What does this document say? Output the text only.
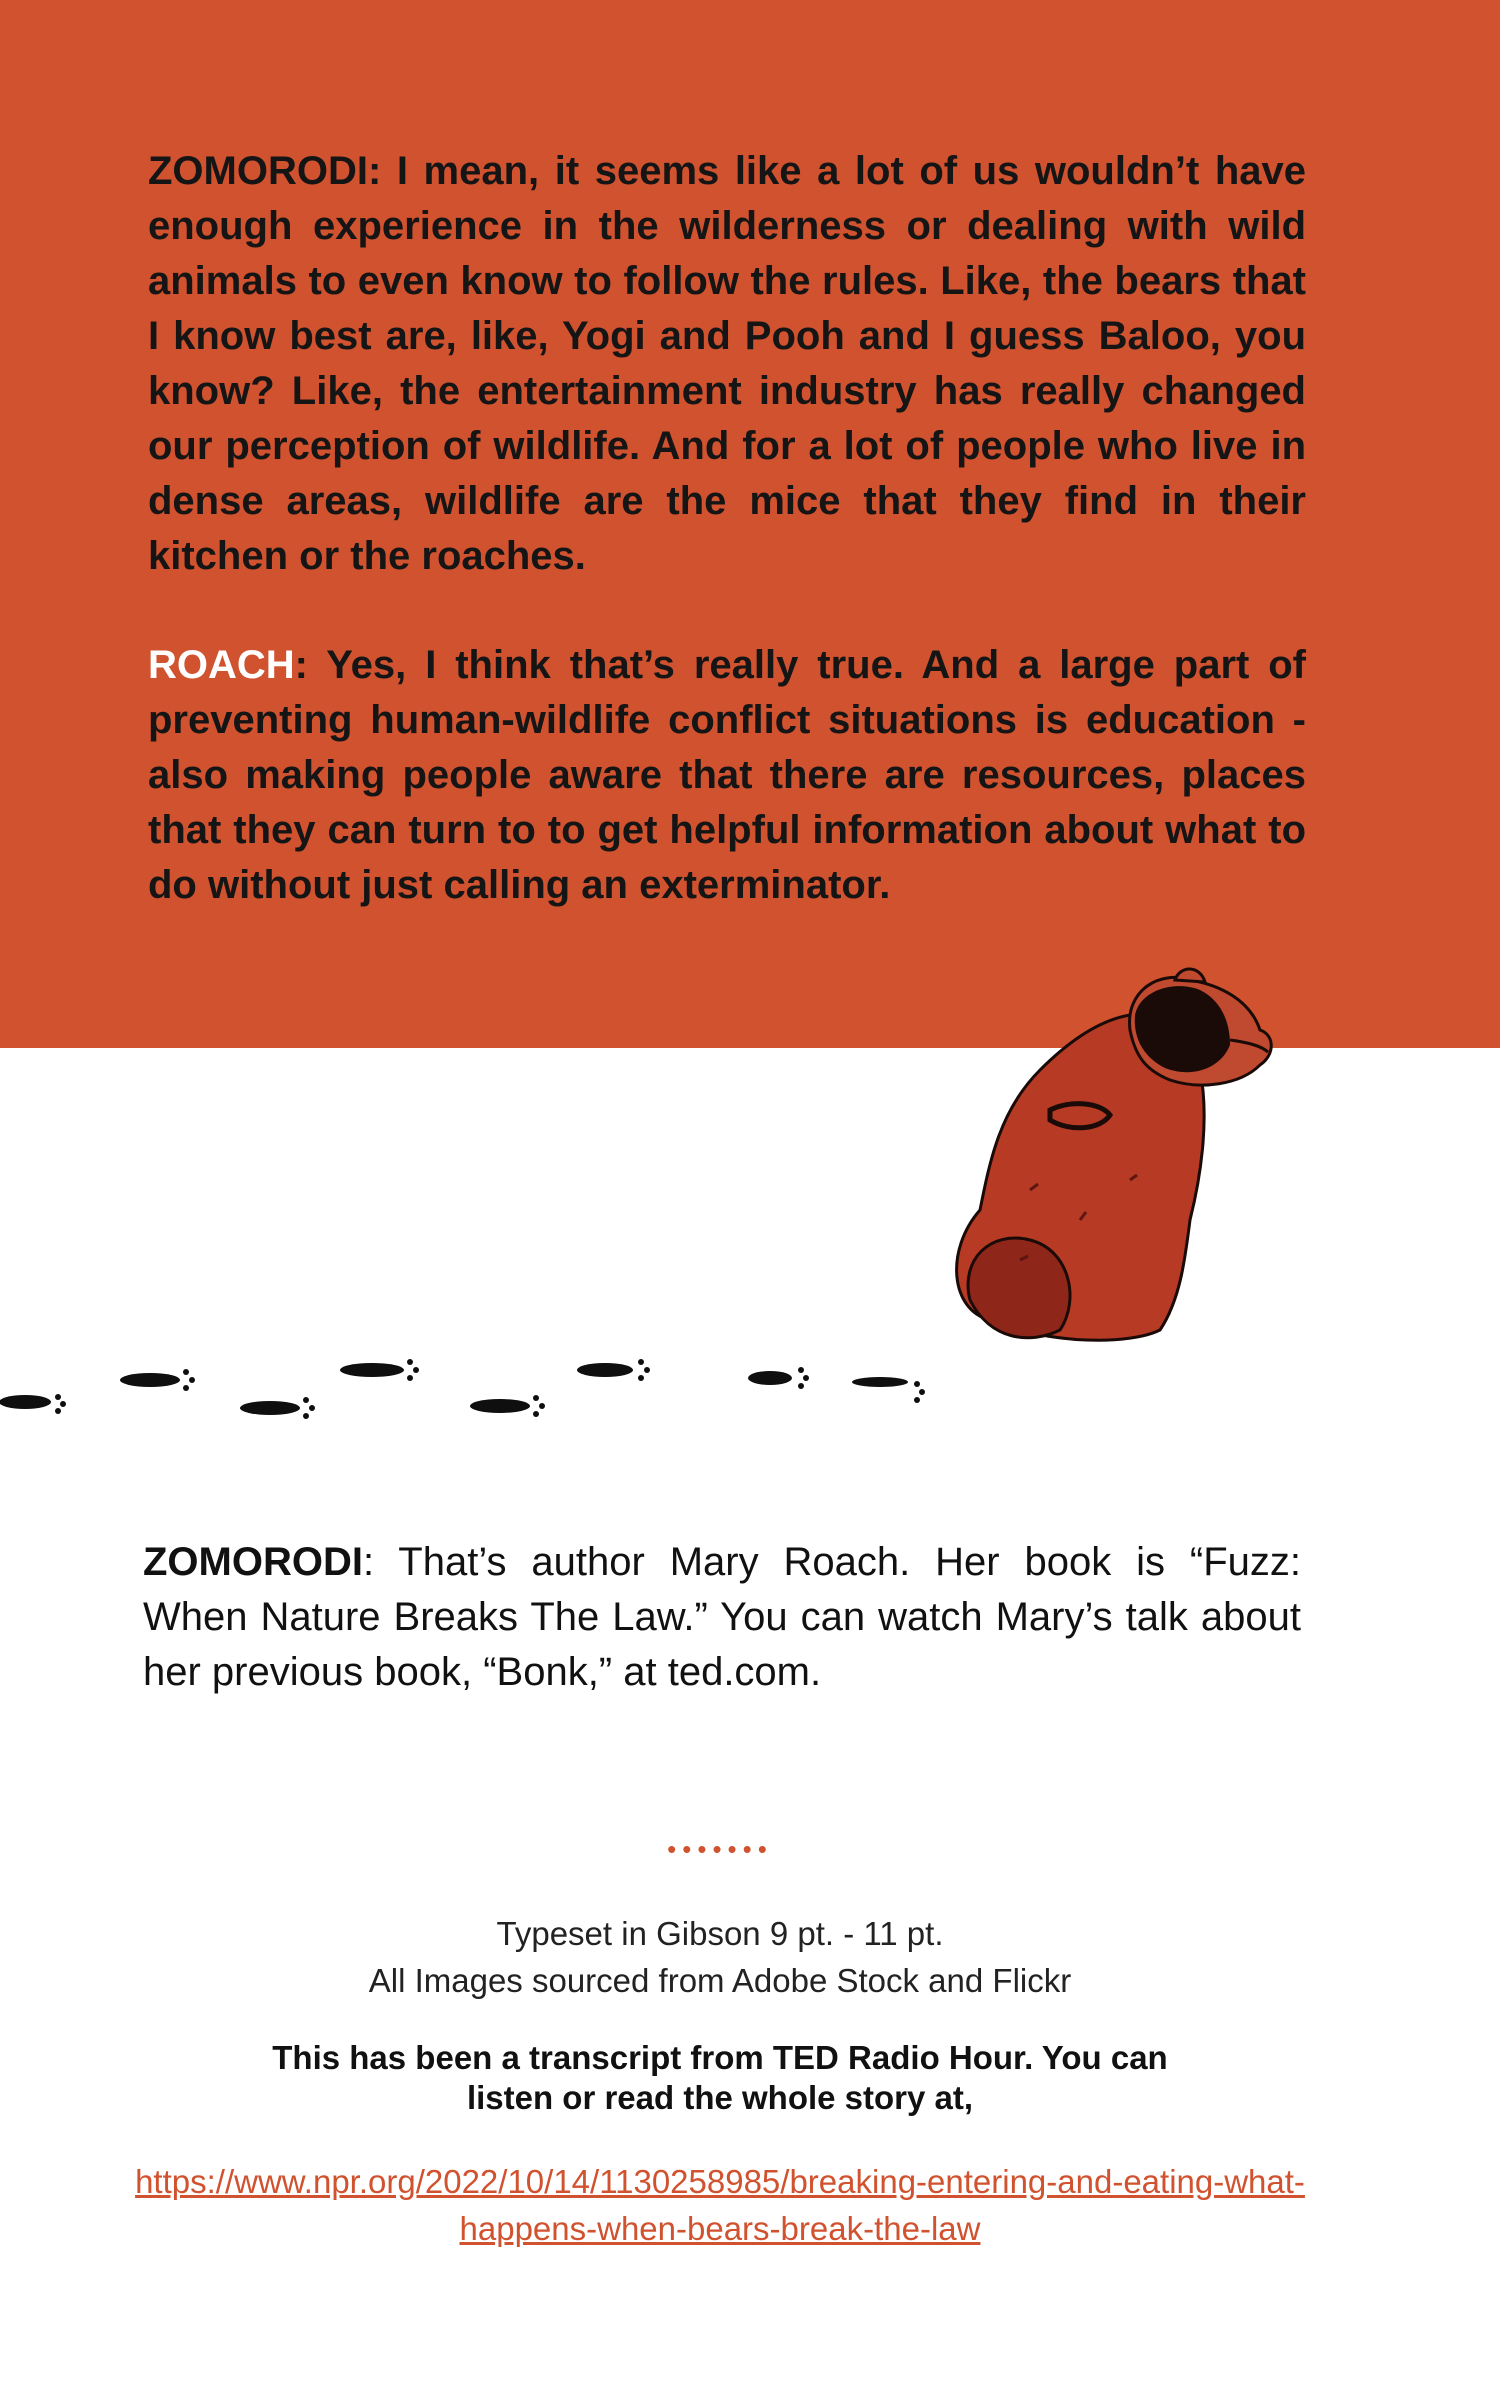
ZOMORODI: I mean, it seems like a lot of us wouldn’t have enough experience in the wilderness or dealing with wild animals to even know to follow the rules. Like, the bears that I know best are, like, Yogi and Pooh and I guess Baloo, you know? Like, the entertainment industry has really changed our perception of wildlife. And for a lot of people who live in dense areas, wildlife are the mice that they find in their kitchen or the roaches.

ROACH: Yes, I think that’s really true. And a large part of preventing human-wildlife conflict situations is education - also making people aware that there are resources, places that they can turn to to get helpful information about what to do without just calling an exterminator.

ZOMORODI: That’s author Mary Roach. Her book is “Fuzz: When Nature Breaks The Law.” You can watch Mary’s talk about her previous book, “Bonk,” at ted.com.

•••••••
Typeset in Gibson 9 pt. - 11 pt.
All Images sourced from Adobe Stock and Flickr
This has been a transcript from TED Radio Hour. You can listen or read the whole story at,
https://www.npr.org/2022/10/14/1130258985/breaking-entering-and-eating-what-happens-when-bears-break-the-law
